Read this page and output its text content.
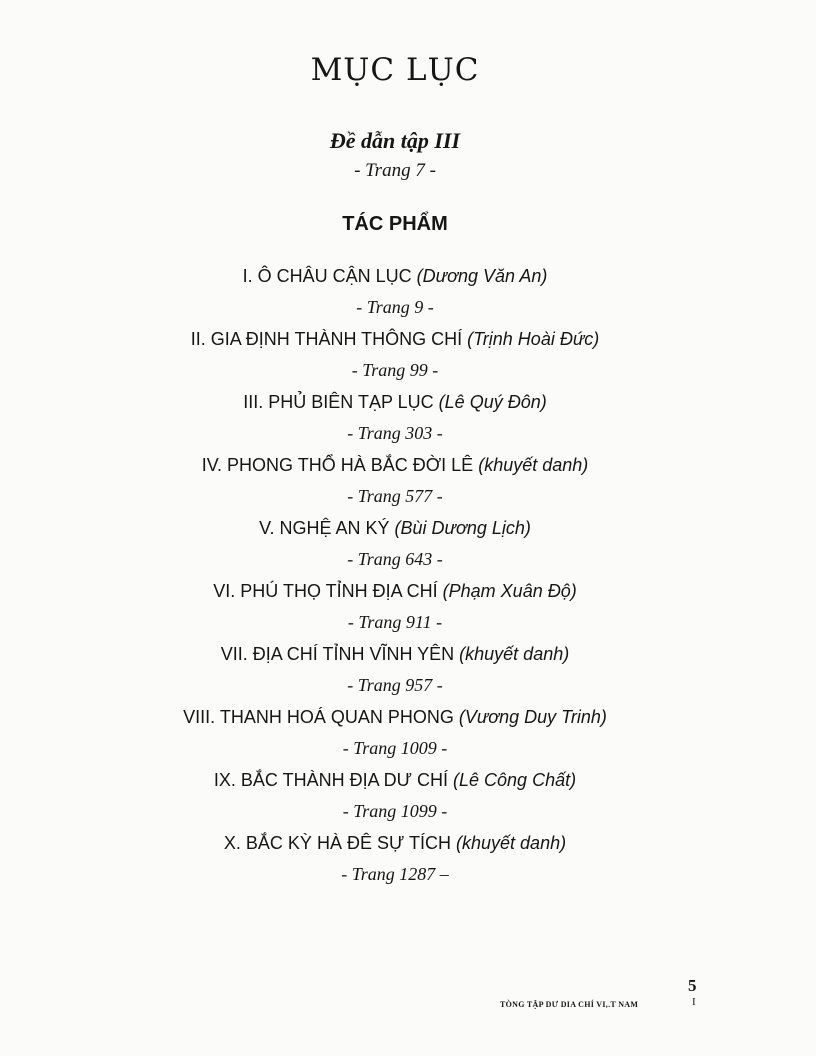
MỤC LỤC
Đề dẫn tập III
- Trang 7 -
TÁC PHẨM
I. Ô CHÂU CẬN LỤC (Dương Văn An)
- Trang 9 -
II. GIA ĐỊNH THÀNH THÔNG CHÍ (Trịnh Hoài Đức)
- Trang 99 -
III. PHỦ BIÊN TẠP LỤC (Lê Quý Đôn)
- Trang 303 -
IV. PHONG THỔ HÀ BẮC ĐỜI LÊ (khuyết danh)
- Trang 577 -
V. NGHỆ AN KÝ (Bùi Dương Lịch)
- Trang 643 -
VI. PHÚ THỌ TỈNH ĐỊA CHÍ (Phạm Xuân Độ)
- Trang 911 -
VII. ĐỊA CHÍ TỈNH VĨNH YÊN (khuyết danh)
- Trang 957 -
VIII. THANH HOÁ QUAN PHONG (Vương Duy Trinh)
- Trang 1009 -
IX. BẮC THÀNH ĐỊA DƯ CHÍ (Lê Công Chất)
- Trang 1099 -
X. BẮC KỲ HÀ ĐÊ SỰ TÍCH (khuyết danh)
- Trang 1287 –
TÒNG TẬP DƯ DIA CHÍ VI,.T NAM
5
I
